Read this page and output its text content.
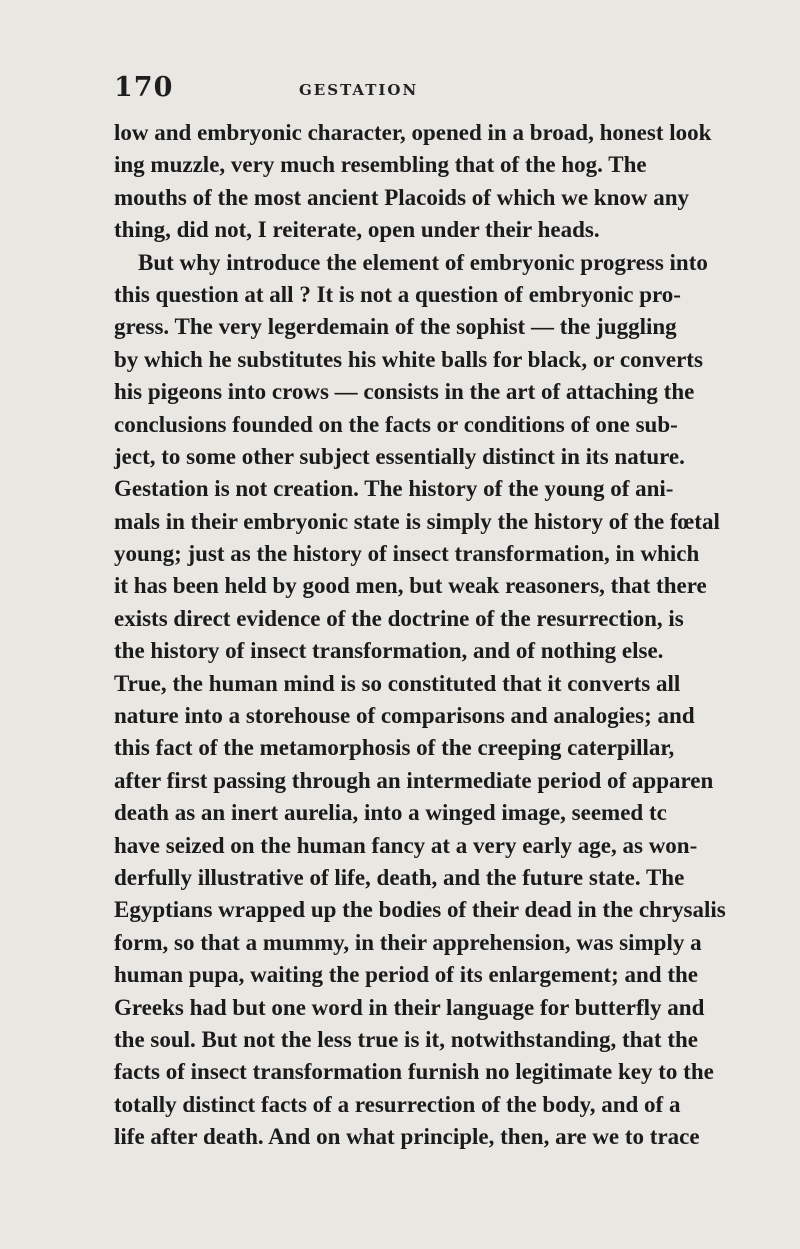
170	GESTATION
low and embryonic character, opened in a broad, honest look
ing muzzle, very much resembling that of the hog. The
mouths of the most ancient Placoids of which we know any
thing, did not, I reiterate, open under their heads.
But why introduce the element of embryonic progress into
this question at all ? It is not a question of embryonic pro-
gress. The very legerdemain of the sophist — the juggling
by which he substitutes his white balls for black, or converts
his pigeons into crows — consists in the art of attaching the
conclusions founded on the facts or conditions of one sub-
ject, to some other subject essentially distinct in its nature.
Gestation is not creation. The history of the young of ani-
mals in their embryonic state is simply the history of the fœtal
young; just as the history of insect transformation, in which
it has been held by good men, but weak reasoners, that there
exists direct evidence of the doctrine of the resurrection, is
the history of insect transformation, and of nothing else.
True, the human mind is so constituted that it converts all
nature into a storehouse of comparisons and analogies; and
this fact of the metamorphosis of the creeping caterpillar,
after first passing through an intermediate period of apparen
death as an inert aurelia, into a winged image, seemed tc
have seized on the human fancy at a very early age, as won-
derfully illustrative of life, death, and the future state. The
Egyptians wrapped up the bodies of their dead in the chrysalis
form, so that a mummy, in their apprehension, was simply a
human pupa, waiting the period of its enlargement; and the
Greeks had but one word in their language for butterfly and
the soul. But not the less true is it, notwithstanding, that the
facts of insect transformation furnish no legitimate key to the
totally distinct facts of a resurrection of the body, and of a
life after death. And on what principle, then, are we to trace
